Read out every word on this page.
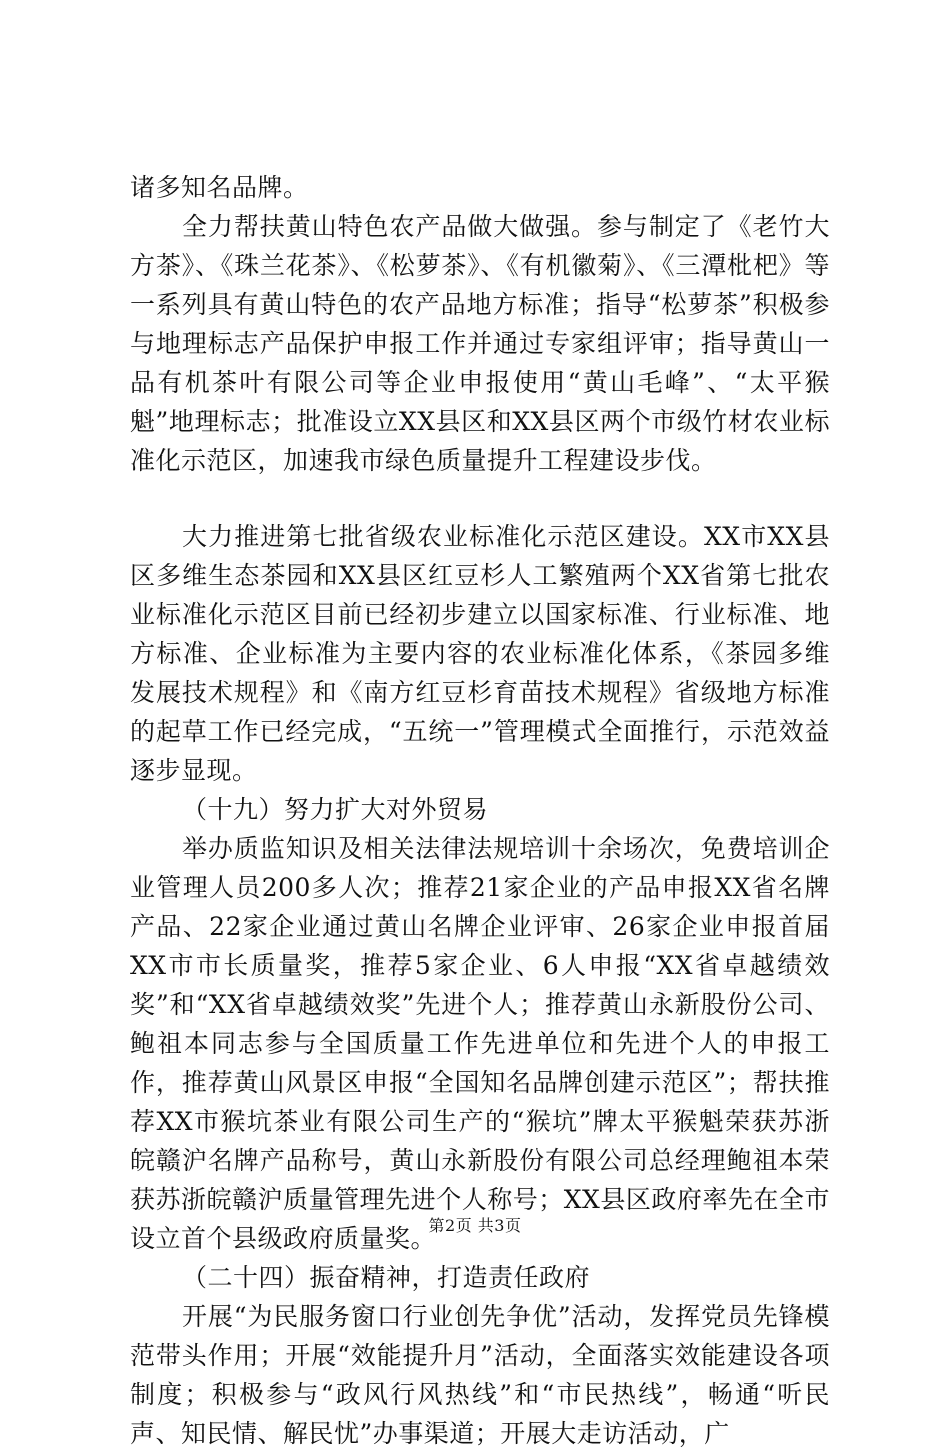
诸多知名品牌。

全力帮扶黄山特色农产品做大做强。参与制定了《老竹大方茶》、《珠兰花茶》、《松萝茶》、《有机徽菊》、《三潭枇杷》等一系列具有黄山特色的农产品地方标准；指导“松萝茶”积极参与地理标志产品保护申报工作并通过专家组评审；指导黄山一品有机茶叶有限公司等企业申报使用“黄山毛峰”、“太平猴魁”地理标志；批准设立XX县区和XX县区两个市级竹材农业标准化示范区，加速我市绿色质量提升工程建设步伐。

大力推进第七批省级农业标准化示范区建设。XX市XX县区多维生态茶园和XX县区红豆杉人工繁殖两个XX省第七批农业标准化示范区目前已经初步建立以国家标准、行业标准、地方标准、企业标准为主要内容的农业标准化体系，《茶园多维发展技术规程》和《南方红豆杉育苗技术规程》省级地方标准的起草工作已经完成，“五统一”管理模式全面推行，示范效益逐步显现。

（十九）努力扩大对外贸易

举办质监知识及相关法律法规培训十余场次，免费培训企业管理人员200多人次；推荐21家企业的产品申报XX省名牌产品、22家企业通过黄山名牌企业评审、26家企业申报首届XX市市长质量奖，推荐5家企业、6人申报“XX省卓越绩效奖”和“XX省卓越绩效奖”先进个人；推荐黄山永新股份公司、鲍祖本同志参与全国质量工作先进单位和先进个人的申报工作，推荐黄山风景区申报“全国知名品牌创建示范区”；帮扶推荐XX市猴坑茶业有限公司生产的“猴坑”牌太平猴魁荣获苏浙皖赣沪名牌产品称号，黄山永新股份有限公司总经理鲍祖本荣获苏浙皖赣沪质量管理先进个人称号；XX县区政府率先在全市设立首个县级政府质量奖。

（二十四）振奋精神，打造责任政府

开展“为民服务窗口行业创先争优”活动，发挥党员先锋模范带头作用；开展“效能提升月”活动，全面落实效能建设各项制度；积极参与“政风行风热线”和“市民热线”，畅通“听民声、知民情、解民忧”办事渠道；开展大走访活动，广

第2页 共3页
